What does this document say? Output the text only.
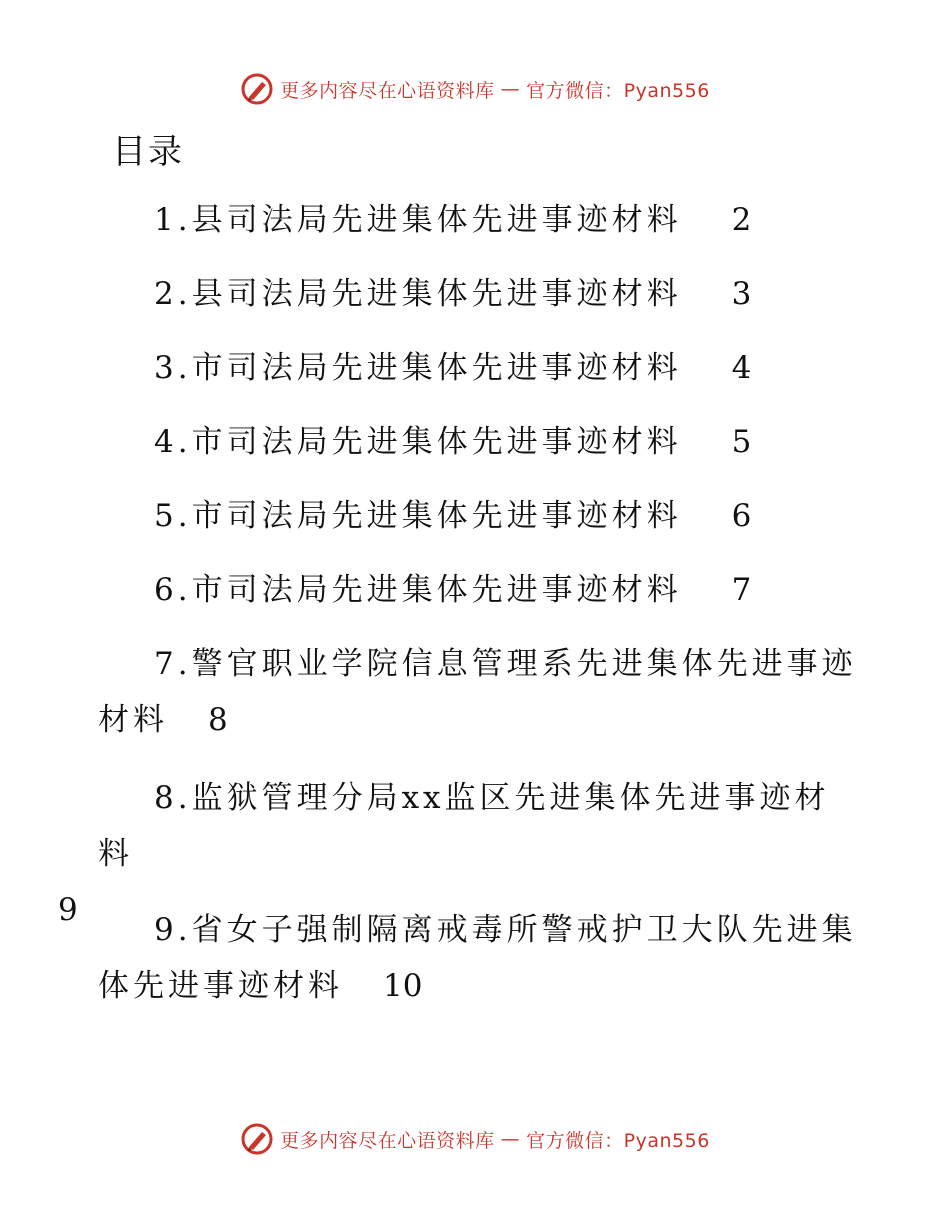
更多内容尽在心语资料库 — 官方微信：Pyan556
目录
1.县司法局先进集体先进事迹材料 2
2.县司法局先进集体先进事迹材料 3
3.市司法局先进集体先进事迹材料 4
4.市司法局先进集体先进事迹材料 5
5.市司法局先进集体先进事迹材料 6
6.市司法局先进集体先进事迹材料 7
7.警官职业学院信息管理系先进集体先进事迹材料 8
8.监狱管理分局xx监区先进集体先进事迹材料
9
9.省女子强制隔离戒毒所警戒护卫大队先进集体先进事迹材料 10
更多内容尽在心语资料库 — 官方微信：Pyan556
